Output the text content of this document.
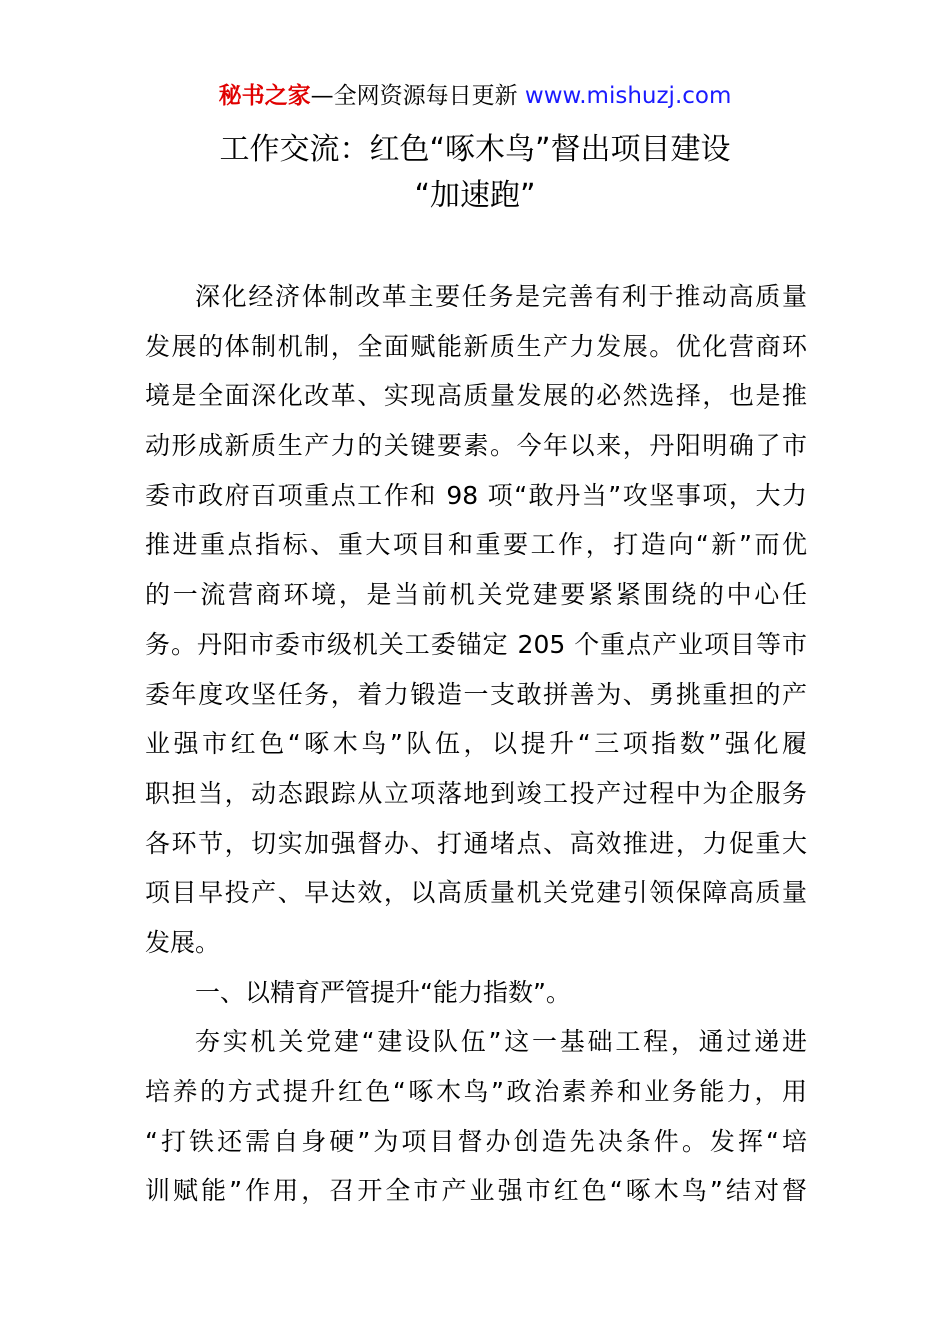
秘书之家—全网资源每日更新 www.mishuzj.com
工作交流：红色“啄木鸟”督出项目建设
“加速跑”
深化经济体制改革主要任务是完善有利于推动高质量
发展的体制机制，全面赋能新质生产力发展。优化营商环
境是全面深化改革、实现高质量发展的必然选择，也是推
动形成新质生产力的关键要素。今年以来，丹阳明确了市
委市政府百项重点工作和 98 项“敢丹当”攻坚事项，大力
推进重点指标、重大项目和重要工作，打造向“新”而优
的一流营商环境，是当前机关党建要紧紧围绕的中心任
务。丹阳市委市级机关工委锚定 205 个重点产业项目等市
委年度攻坚任务，着力锻造一支敢拼善为、勇挑重担的产
业强市红色“啄木鸟”队伍，以提升“三项指数”强化履
职担当，动态跟踪从立项落地到竣工投产过程中为企服务
各环节，切实加强督办、打通堵点、高效推进，力促重大
项目早投产、早达效，以高质量机关党建引领保障高质量
发展。
一、以精育严管提升“能力指数”。
夯实机关党建“建设队伍”这一基础工程，通过递进
培养的方式提升红色“啄木鸟”政治素养和业务能力，用
“打铁还需自身硬”为项目督办创造先决条件。发挥“培
训赋能”作用，召开全市产业强市红色“啄木鸟”结对督
